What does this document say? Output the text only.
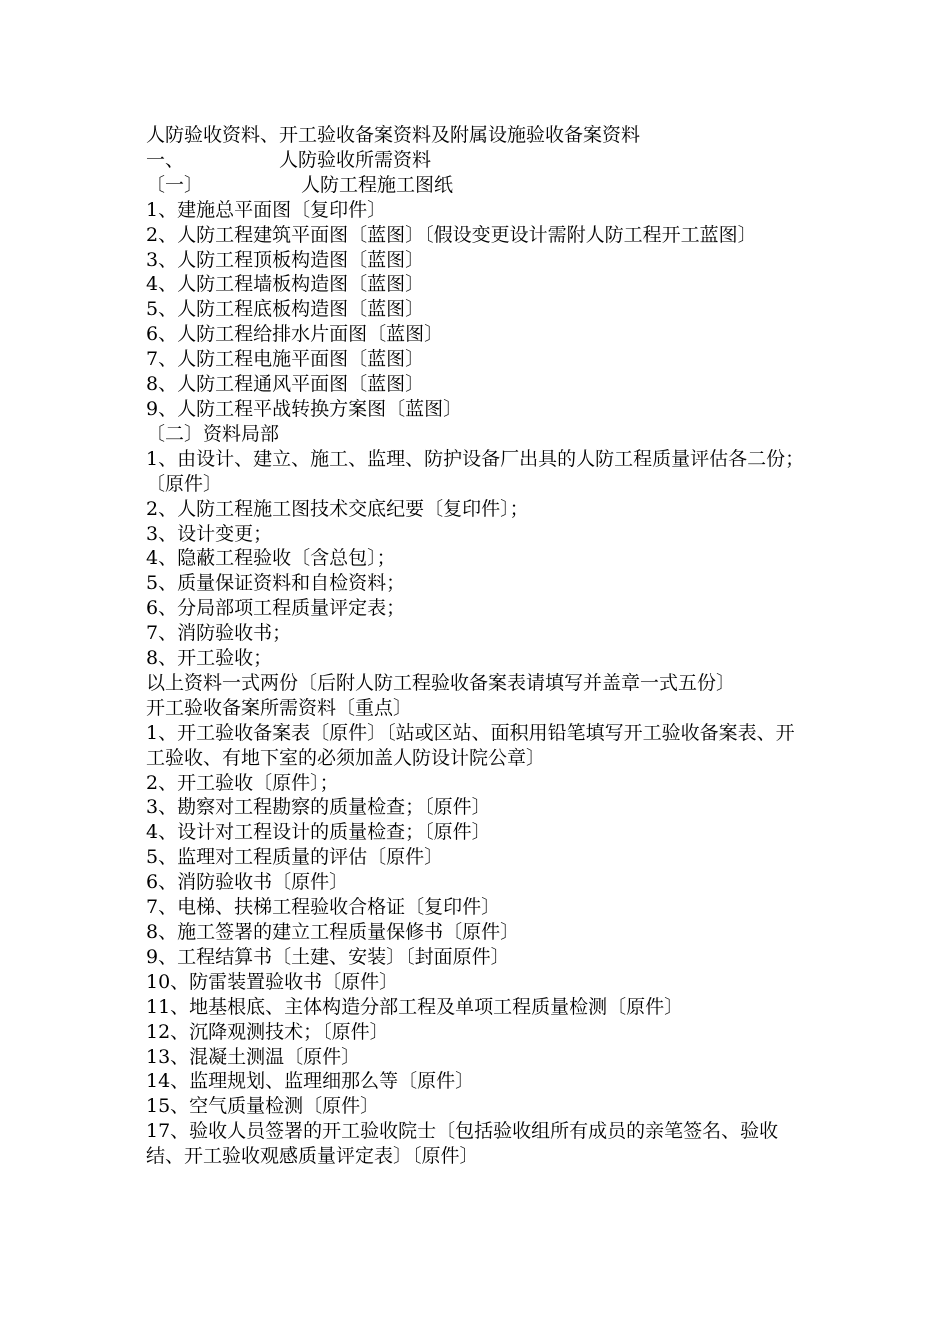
人防验收资料、开工验收备案资料及附属设施验收备案资料

一、	人防验收所需资料

〔一〕	人防工程施工图纸

1、建施总平面图〔复印件〕

2、人防工程建筑平面图〔蓝图〕〔假设变更设计需附人防工程开工蓝图〕

3、人防工程顶板构造图〔蓝图〕

4、人防工程墙板构造图〔蓝图〕

5、人防工程底板构造图〔蓝图〕

6、人防工程给排水片面图〔蓝图〕

7、人防工程电施平面图〔蓝图〕

8、人防工程通风平面图〔蓝图〕

9、人防工程平战转换方案图〔蓝图〕

〔二〕资料局部

1、由设计、建立、施工、监理、防护设备厂出具的人防工程质量评估各二份；〔原件〕

2、人防工程施工图技术交底纪要〔复印件〕；

3、设计变更；

4、隐蔽工程验收〔含总包〕；

5、质量保证资料和自检资料；

6、分局部项工程质量评定表；

7、消防验收书；

8、开工验收；

以上资料一式两份〔后附人防工程验收备案表请填写并盖章一式五份〕

开工验收备案所需资料〔重点〕

1、开工验收备案表〔原件〕〔站或区站、面积用铅笔填写开工验收备案表、开工验收、有地下室的必须加盖人防设计院公章〕

2、开工验收〔原件〕；

3、勘察对工程勘察的质量检查；〔原件〕

4、设计对工程设计的质量检查；〔原件〕

5、监理对工程质量的评估〔原件〕

6、消防验收书〔原件〕

7、电梯、扶梯工程验收合格证〔复印件〕

8、施工签署的建立工程质量保修书〔原件〕

9、工程结算书〔土建、安装〕〔封面原件〕

10、防雷装置验收书〔原件〕

11、地基根底、主体构造分部工程及单项工程质量检测〔原件〕

12、沉降观测技术；〔原件〕

13、混凝土测温〔原件〕

14、监理规划、监理细那么等〔原件〕

15、空气质量检测〔原件〕

17、验收人员签署的开工验收院士〔包括验收组所有成员的亲笔签名、验收结、开工验收观感质量评定表〕〔原件〕
